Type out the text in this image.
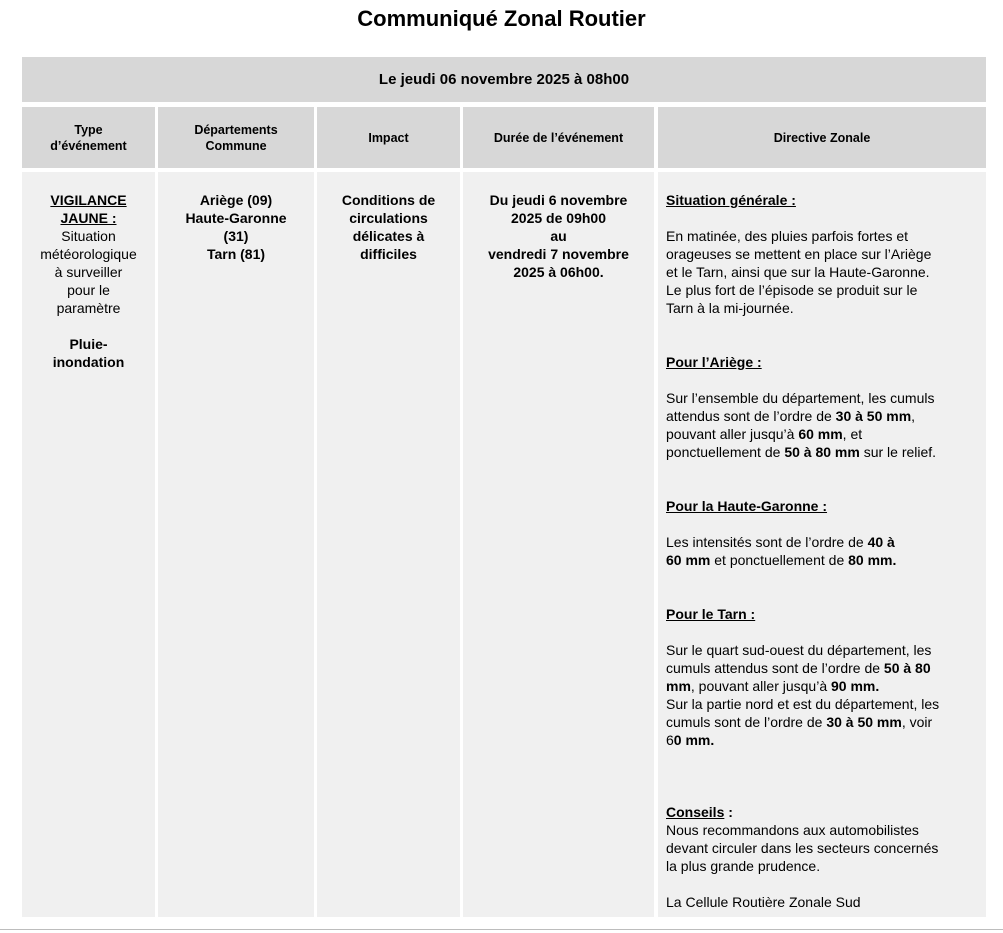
Communiqué Zonal Routier
Le jeudi 06 novembre 2025 à 08h00
Type
d’événement
Départements
Commune
Impact	Durée de l’événement	Directive Zonale
VIGILANCE
JAUNE :
Situation
météorologique
à surveiller
pour le
paramètre
Pluie-
inondation
Ariège (09)
Haute-Garonne
(31)
Tarn (81)
Conditions de
circulations
délicates à
difficiles
Du jeudi 6 novembre
2025 de 09h00
au
vendredi 7 novembre
2025 à 06h00.
Situation générale :
En matinée, des pluies parfois fortes et
orageuses se mettent en place sur l’Ariège
et le Tarn, ainsi que sur la Haute-Garonne.
Le plus fort de l’épisode se produit sur le
Tarn à la mi-journée.
Pour l’Ariège :
Sur l’ensemble du département, les cumuls
attendus sont de l’ordre de 30 à 50 mm,
pouvant aller jusqu’à 60 mm, et
ponctuellement de 50 à 80 mm sur le relief.
Pour la Haute-Garonne :
Les intensités sont de l’ordre de 40 à
60 mm et ponctuellement de 80 mm.
Pour le Tarn :
Sur le quart sud-ouest du département, les
cumuls attendus sont de l’ordre de 50 à 80
mm, pouvant aller jusqu’à 90 mm.
Sur la partie nord et est du département, les
cumuls sont de l’ordre de 30 à 50 mm, voir
60 mm.
Conseils :
Nous recommandons aux automobilistes
devant circuler dans les secteurs concernés
la plus grande prudence.
La Cellule Routière Zonale Sud
